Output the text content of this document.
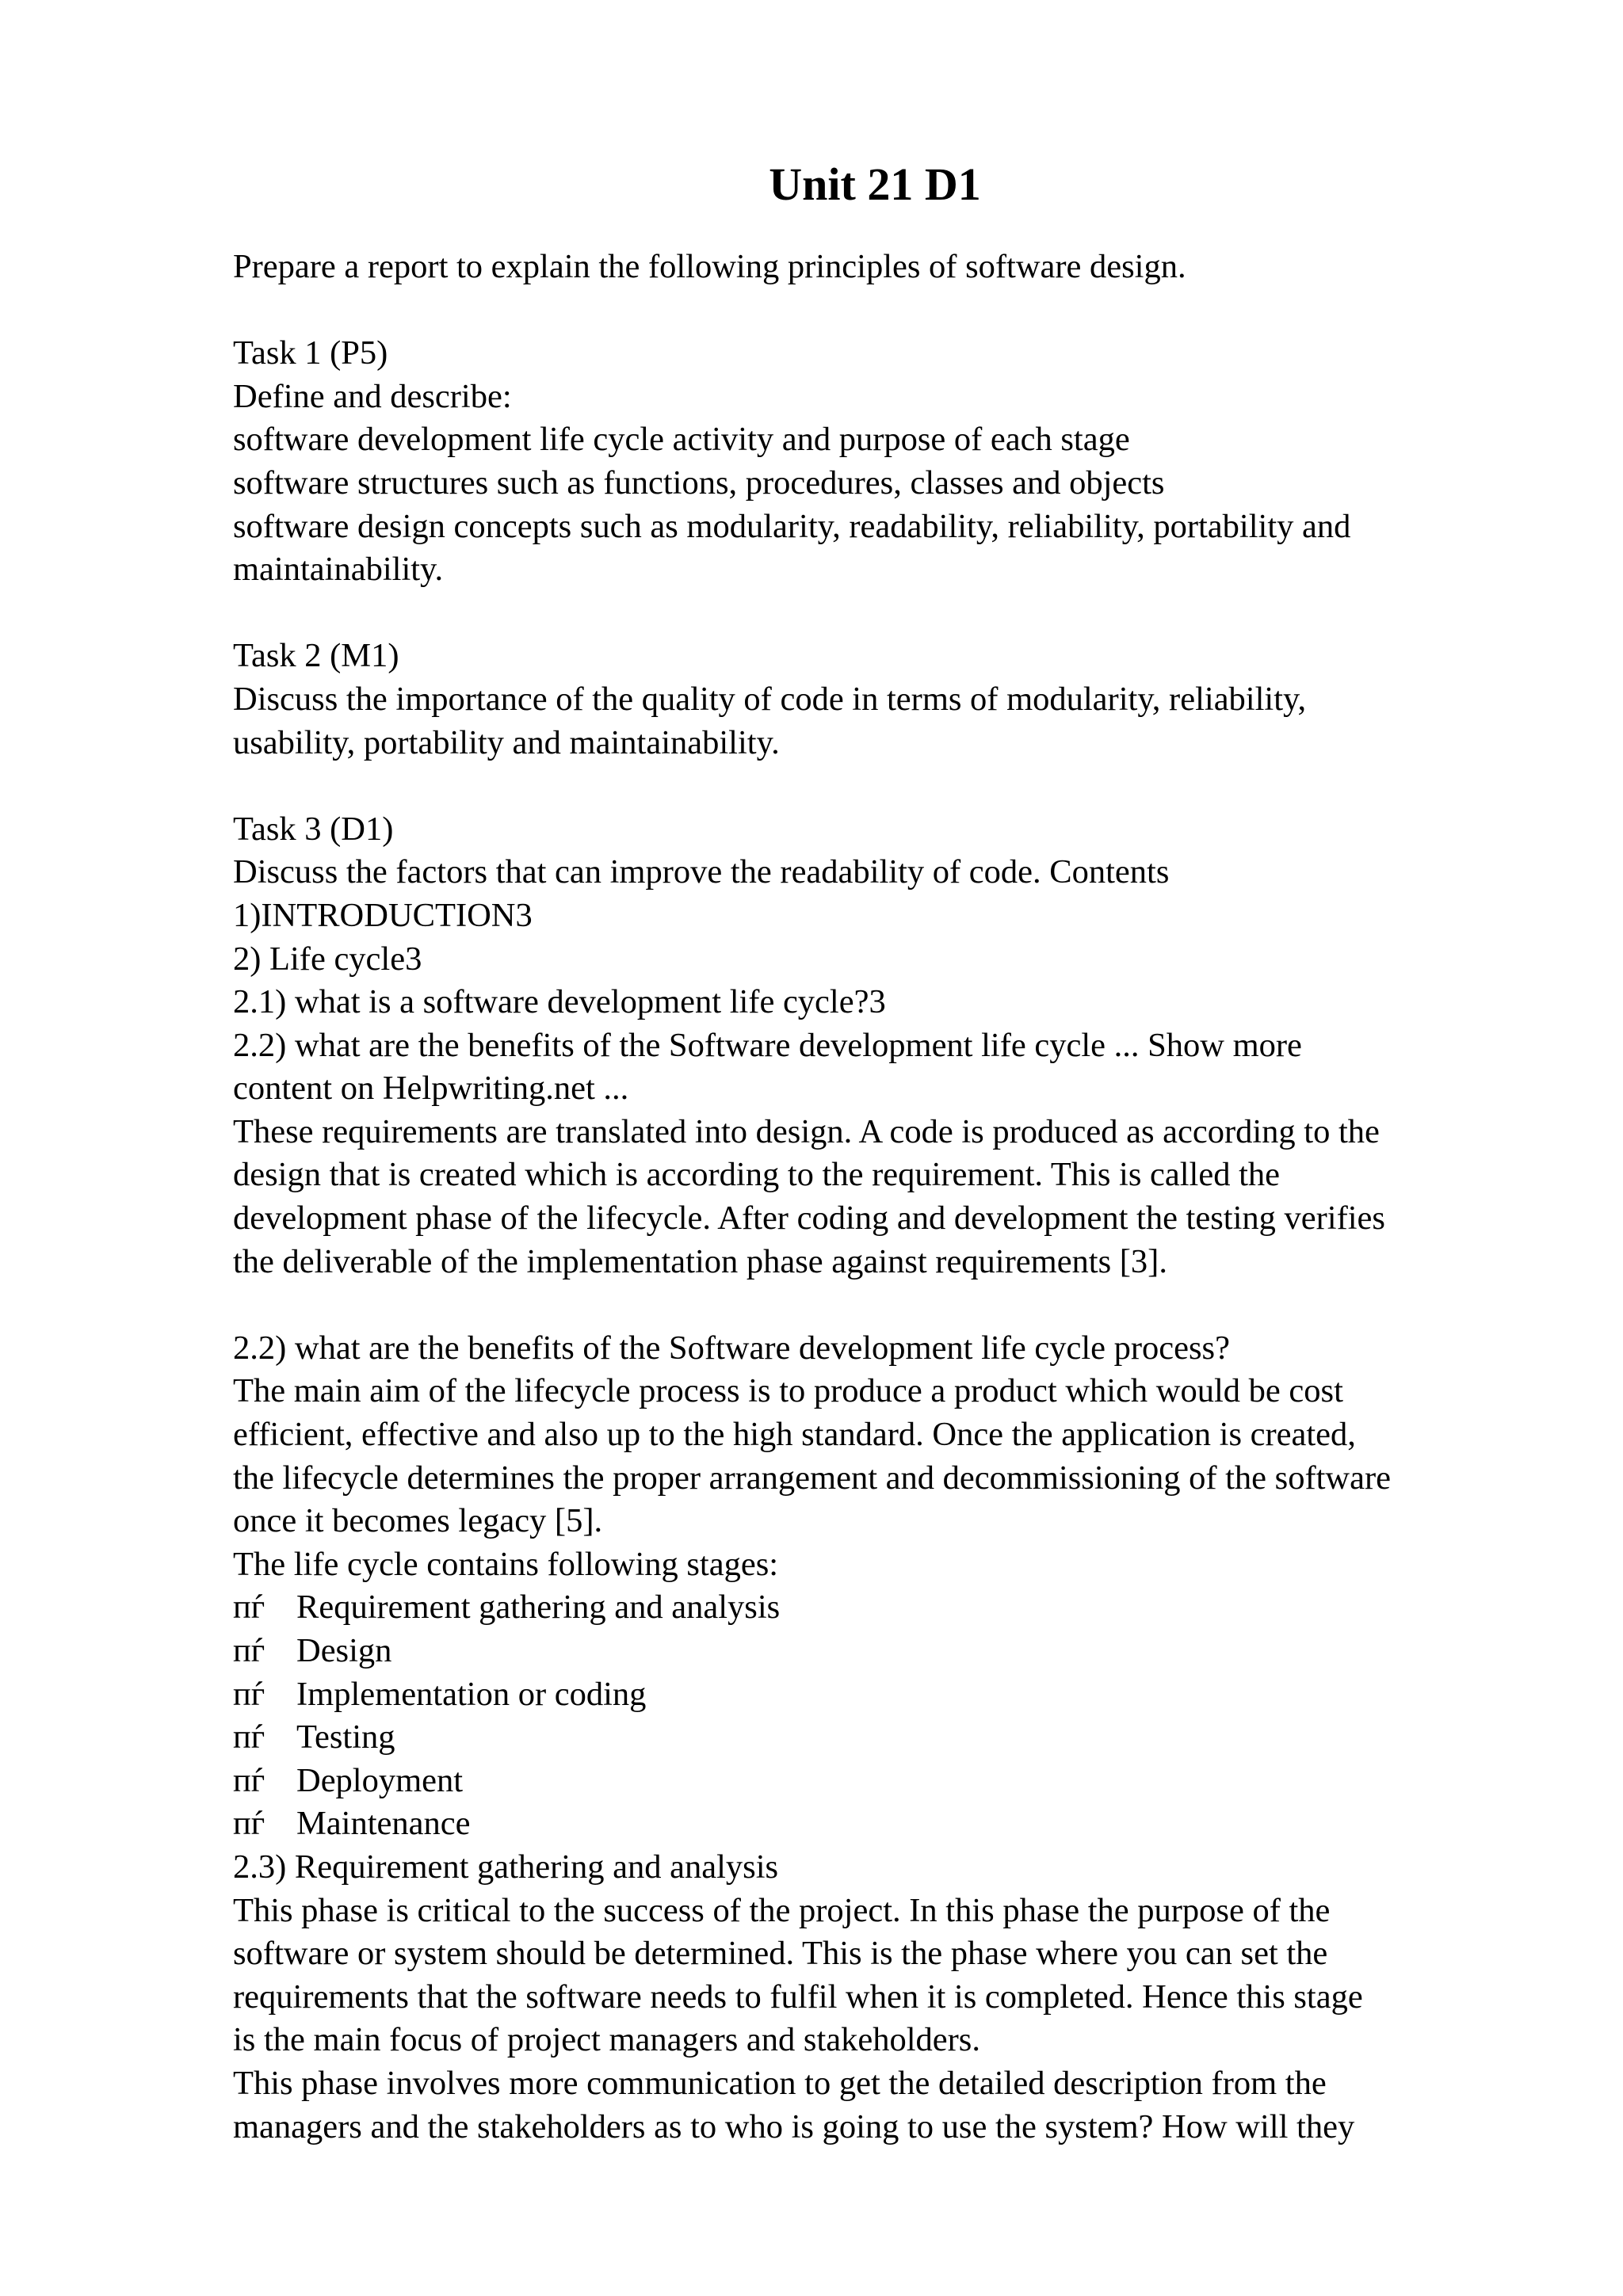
Unit 21 D1
Prepare a report to explain the following principles of software design.
Task 1 (P5)
Define and describe:
software development life cycle activity and purpose of each stage
software structures such as functions, procedures, classes and objects
software design concepts such as modularity, readability, reliability, portability and
maintainability.
Task 2 (M1)
Discuss the importance of the quality of code in terms of modularity, reliability,
usability, portability and maintainability.
Task 3 (D1)
Discuss the factors that can improve the readability of code. Contents
1)INTRODUCTION3
2) Life cycle3
2.1) what is a software development life cycle?3
2.2) what are the benefits of the Software development life cycle ... Show more
content on Helpwriting.net ...
These requirements are translated into design. A code is produced as according to the
design that is created which is according to the requirement. This is called the
development phase of the lifecycle. After coding and development the testing verifies
the deliverable of the implementation phase against requirements [3].
2.2) what are the benefits of the Software development life cycle process?
The main aim of the lifecycle process is to produce a product which would be cost
efficient, effective and also up to the high standard. Once the application is created,
the lifecycle determines the proper arrangement and decommissioning of the software
once it becomes legacy [5].
The life cycle contains following stages:
пѓ Requirement gathering and analysis
пѓ Design
пѓ Implementation or coding
пѓ Testing
пѓ Deployment
пѓ Maintenance
2.3) Requirement gathering and analysis
This phase is critical to the success of the project. In this phase the purpose of the
software or system should be determined. This is the phase where you can set the
requirements that the software needs to fulfil when it is completed. Hence this stage
is the main focus of project managers and stakeholders.
This phase involves more communication to get the detailed description from the
managers and the stakeholders as to who is going to use the system? How will they
